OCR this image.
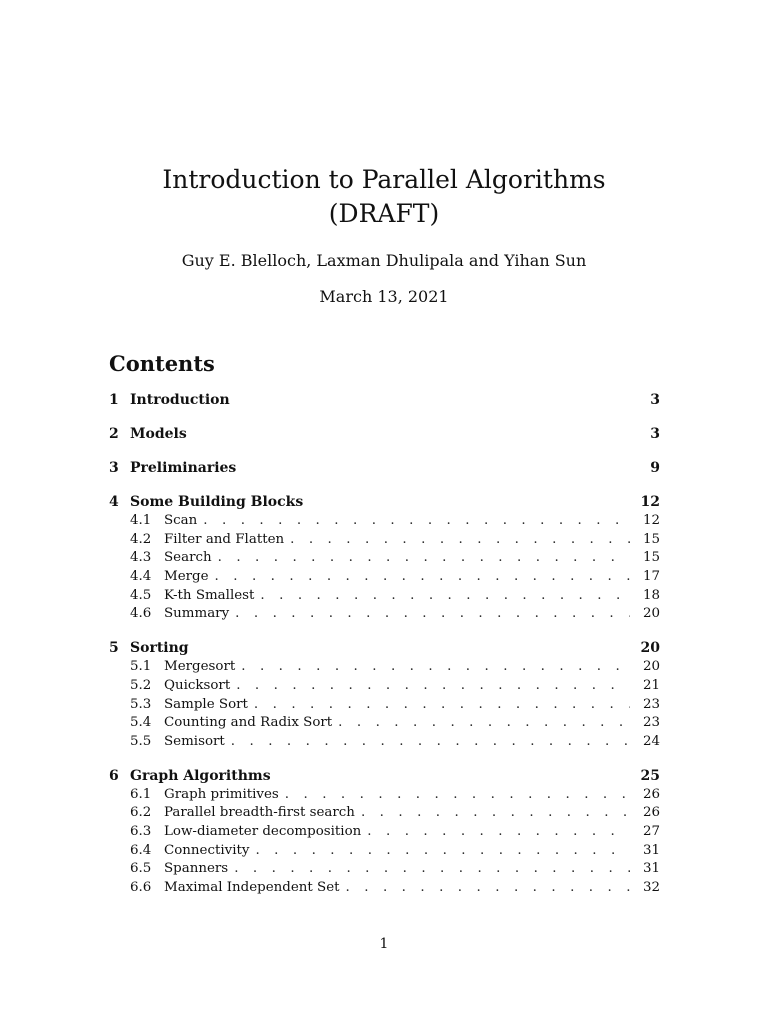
Introduction to Parallel Algorithms
(DRAFT)
Guy E. Blelloch, Laxman Dhulipala and Yihan Sun
March 13, 2021
Contents
1 Introduction	3
2 Models	3
3 Preliminaries	9
4 Some Building Blocks	12
4.1 Scan . . .	12
4.2 Filter and Flatten . . .	15
4.3 Search . . .	15
4.4 Merge . . .	17
4.5 K-th Smallest . . .	18
4.6 Summary . . .	20
5 Sorting	20
5.1 Mergesort . . .	20
5.2 Quicksort . . .	21
5.3 Sample Sort . . .	23
5.4 Counting and Radix Sort . . .	23
5.5 Semisort . . .	24
6 Graph Algorithms	25
6.1 Graph primitives . . .	26
6.2 Parallel breadth-first search . . .	26
6.3 Low-diameter decomposition . . .	27
6.4 Connectivity . . .	31
6.5 Spanners . . .	31
6.6 Maximal Independent Set . . .	32
1
